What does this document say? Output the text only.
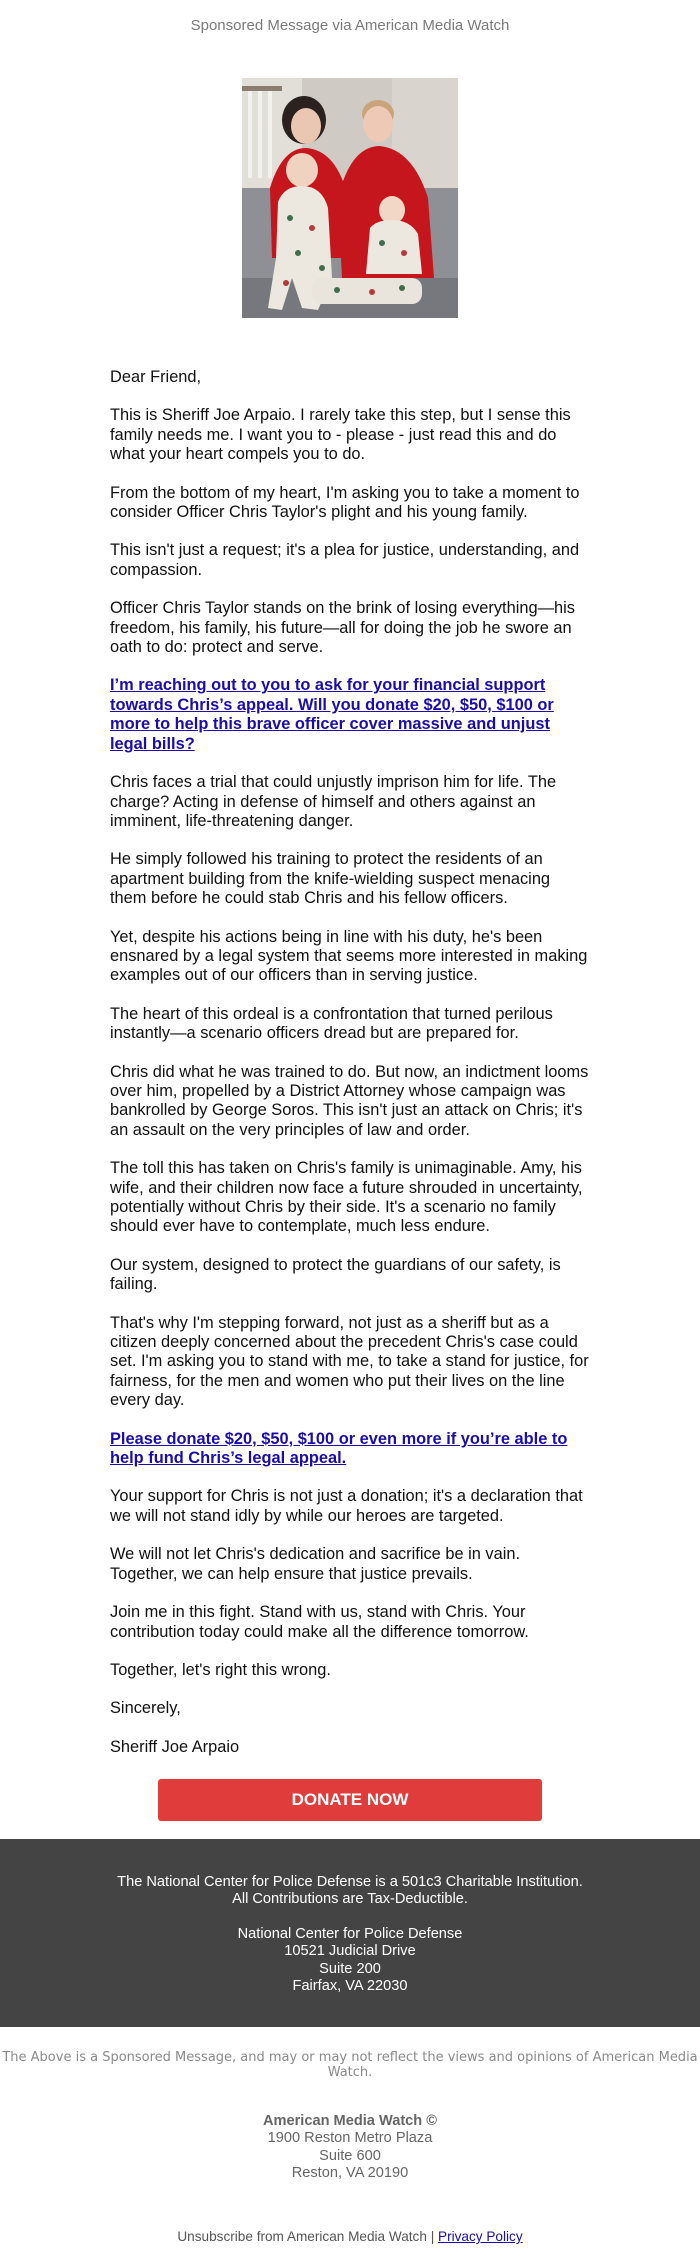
Sponsored Message via American Media Watch

Dear Friend,

This is Sheriff Joe Arpaio. I rarely take this step, but I sense this family needs me. I want you to - please - just read this and do what your heart compels you to do.

From the bottom of my heart, I'm asking you to take a moment to consider Officer Chris Taylor's plight and his young family.

This isn't just a request; it's a plea for justice, understanding, and compassion.

Officer Chris Taylor stands on the brink of losing everything—his freedom, his family, his future—all for doing the job he swore an oath to do: protect and serve.

I’m reaching out to you to ask for your financial support towards Chris’s appeal. Will you donate $20, $50, $100 or more to help this brave officer cover massive and unjust legal bills?

Chris faces a trial that could unjustly imprison him for life. The charge? Acting in defense of himself and others against an imminent, life-threatening danger.

He simply followed his training to protect the residents of an apartment building from the knife-wielding suspect menacing them before he could stab Chris and his fellow officers.

Yet, despite his actions being in line with his duty, he's been ensnared by a legal system that seems more interested in making examples out of our officers than in serving justice.

The heart of this ordeal is a confrontation that turned perilous instantly—a scenario officers dread but are prepared for.

Chris did what he was trained to do. But now, an indictment looms over him, propelled by a District Attorney whose campaign was bankrolled by George Soros. This isn't just an attack on Chris; it's an assault on the very principles of law and order.

The toll this has taken on Chris's family is unimaginable. Amy, his wife, and their children now face a future shrouded in uncertainty, potentially without Chris by their side. It's a scenario no family should ever have to contemplate, much less endure.

Our system, designed to protect the guardians of our safety, is failing.

That's why I'm stepping forward, not just as a sheriff but as a citizen deeply concerned about the precedent Chris's case could set. I'm asking you to stand with me, to take a stand for justice, for fairness, for the men and women who put their lives on the line every day.

Please donate $20, $50, $100 or even more if you’re able to help fund Chris’s legal appeal.

Your support for Chris is not just a donation; it's a declaration that we will not stand idly by while our heroes are targeted.

We will not let Chris's dedication and sacrifice be in vain. Together, we can help ensure that justice prevails.

Join me in this fight. Stand with us, stand with Chris. Your contribution today could make all the difference tomorrow.

Together, let's right this wrong.

Sincerely,

Sheriff Joe Arpaio

DONATE NOW
The National Center for Police Defense is a 501c3 Charitable Institution. All Contributions are Tax-Deductible.
National Center for Police Defense
10521 Judicial Drive
Suite 200
Fairfax, VA 22030
The Above is a Sponsored Message, and may or may not reflect the views and opinions of American Media Watch.
American Media Watch ©
1900 Reston Metro Plaza
Suite 600
Reston, VA 20190
Unsubscribe from American Media Watch | Privacy Policy
